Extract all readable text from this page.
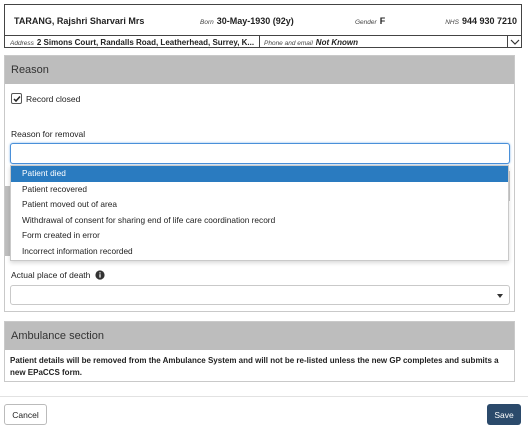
TARANG, Rajshri Sharvari Mrs	Born 30-May-1930 (92y)	Gender F	NHS 944 930 7210
Address 2 Simons Court, Randalls Road, Leatherhead, Surrey, K... Phone and email Not Known
Reason
Record closed
Reason for removal
Actual place of death
Patient died
Patient recovered
Patient moved out of area
Withdrawal of consent for sharing end of life care coordination record
Form created in error
Incorrect information recorded
Ambulance section
Patient details will be removed from the Ambulance System and will not be re-listed unless the new GP completes and submits a new EPaCCS form.
Cancel	Save
